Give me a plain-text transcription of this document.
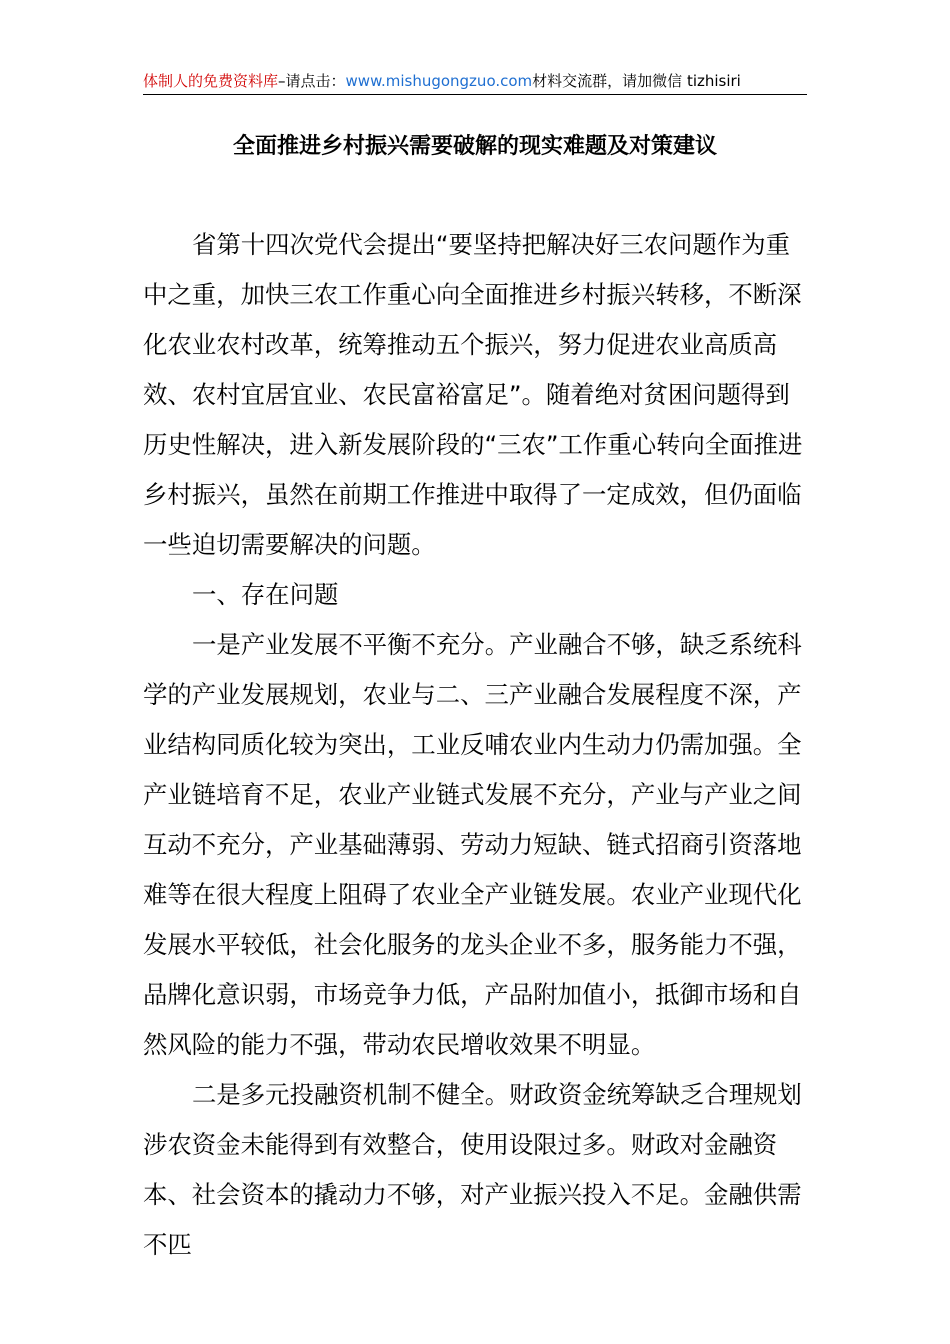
体制人的免费资料库–请点击：www.mishugongzuo.com材料交流群，请加微信 tizhisiri
全面推进乡村振兴需要破解的现实难题及对策建议

省第十四次党代会提出“要坚持把解决好三农问题作为重中之重，加快三农工作重心向全面推进乡村振兴转移，不断深化农业农村改革，统筹推动五个振兴，努力促进农业高质高效、农村宜居宜业、农民富裕富足”。随着绝对贫困问题得到历史性解决，进入新发展阶段的“三农”工作重心转向全面推进乡村振兴，虽然在前期工作推进中取得了一定成效，但仍面临一些迫切需要解决的问题。

一、存在问题

一是产业发展不平衡不充分。产业融合不够，缺乏系统科学的产业发展规划，农业与二、三产业融合发展程度不深，产业结构同质化较为突出，工业反哺农业内生动力仍需加强。全产业链培育不足，农业产业链式发展不充分，产业与产业之间互动不充分，产业基础薄弱、劳动力短缺、链式招商引资落地难等在很大程度上阻碍了农业全产业链发展。农业产业现代化发展水平较低，社会化服务的龙头企业不多，服务能力不强，品牌化意识弱，市场竞争力低，产品附加值小，抵御市场和自然风险的能力不强，带动农民增收效果不明显。

二是多元投融资机制不健全。财政资金统筹缺乏合理规划涉农资金未能得到有效整合，使用设限过多。财政对金融资本、社会资本的撬动力不够，对产业振兴投入不足。金融供需不匹
